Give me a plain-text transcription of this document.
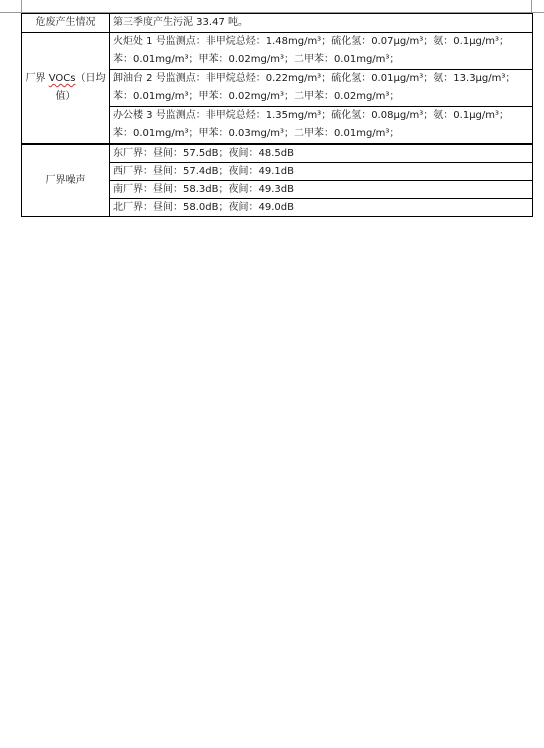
危废产生情况	第三季度产生污泥 33.47 吨。
厂界 VOCs（日均值）	火炬处 1 号监测点：非甲烷总烃：1.48mg/m³；硫化氢：0.07μg/m³；氨：0.1μg/m³；苯：0.01mg/m³；甲苯：0.02mg/m³；二甲苯：0.01mg/m³；
	卸油台 2 号监测点：非甲烷总烃：0.22mg/m³；硫化氢：0.01μg/m³；氨：13.3μg/m³；苯：0.01mg/m³；甲苯：0.02mg/m³；二甲苯：0.02mg/m³；
	办公楼 3 号监测点：非甲烷总烃：1.35mg/m³；硫化氢：0.08μg/m³；氨：0.1μg/m³；苯：0.01mg/m³；甲苯：0.03mg/m³；二甲苯：0.01mg/m³；
厂界噪声	东厂界：昼间：57.5dB；夜间：48.5dB
	西厂界：昼间：57.4dB；夜间：49.1dB
	南厂界：昼间：58.3dB；夜间：49.3dB
	北厂界：昼间：58.0dB；夜间：49.0dB
